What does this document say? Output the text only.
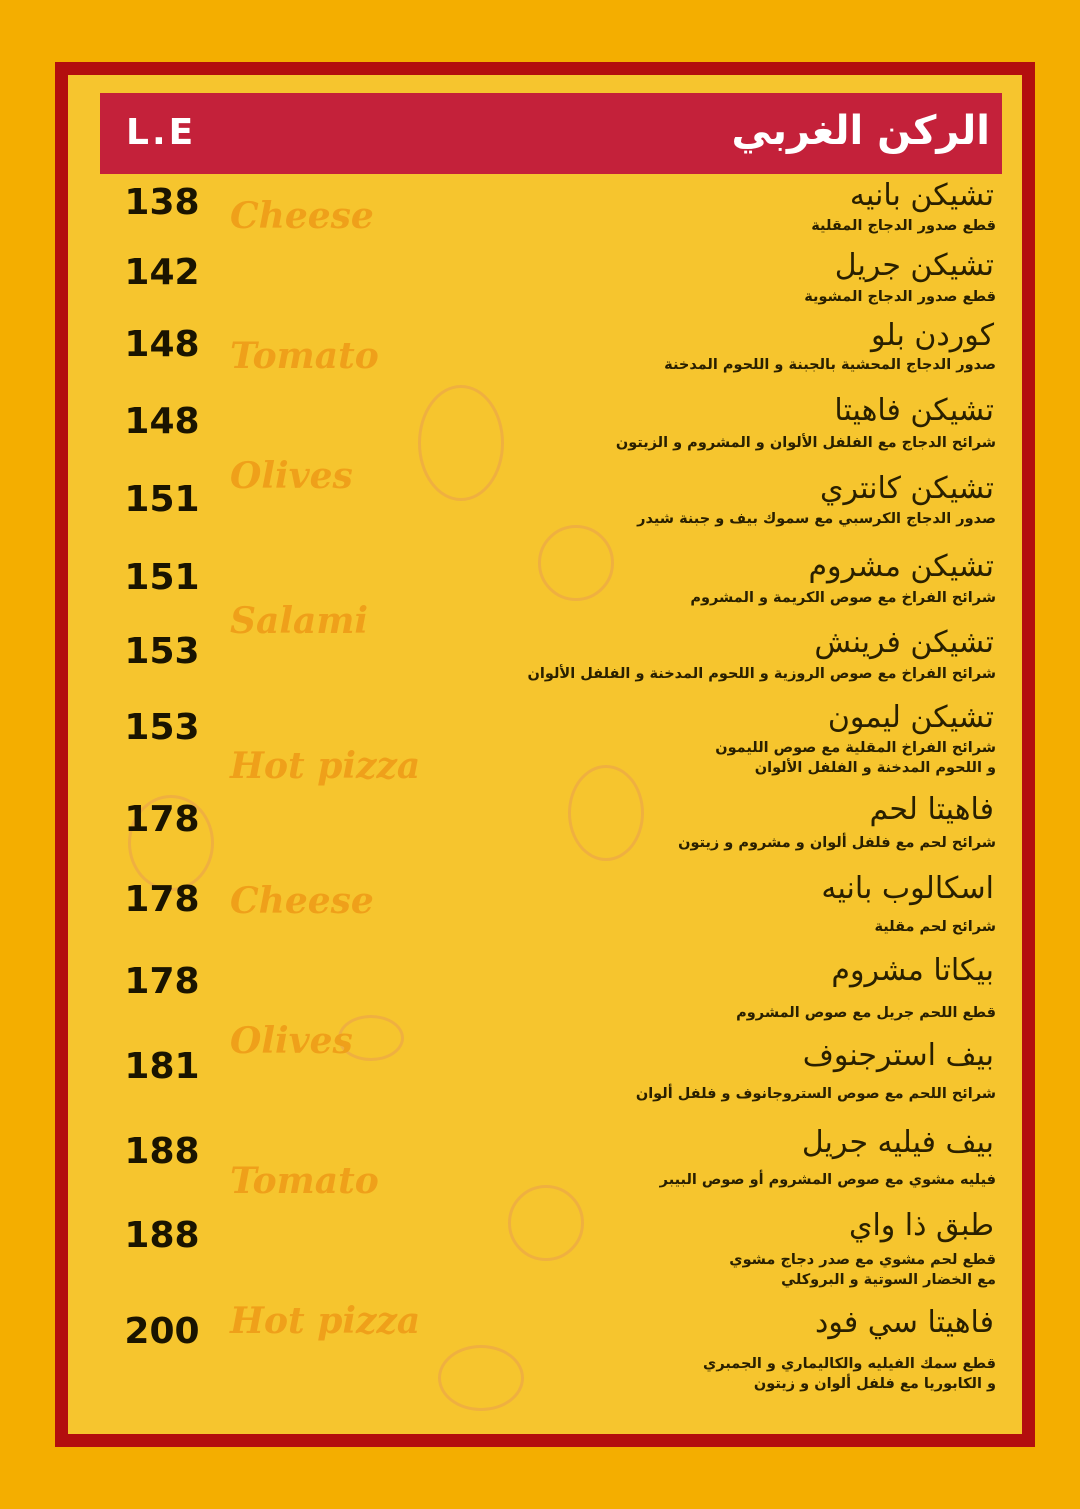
Cheese
Tomato
Olives
Salami
Hot pizza
Cheese
Olives
Tomato
Hot pizza
الركن الغربي
L.E
تشيكن بانيه
قطع صدور الدجاج المقلية
138
تشيكن جريل
قطع صدور الدجاج المشوية
142
كوردن بلو
صدور الدجاج المحشية بالجبنة و اللحوم المدخنة
148
تشيكن فاهيتا
شرائح الدجاج مع الفلفل الألوان و المشروم و الزيتون
148
تشيكن كانتري
صدور الدجاج الكرسبي مع سموك بيف و جبنة شيدر
151
تشيكن مشروم
شرائح الفراخ مع صوص الكريمة و المشروم
151
تشيكن فرينش
شرائح الفراخ مع صوص الروزية و اللحوم المدخنة و الفلفل الألوان
153
تشيكن ليمون
شرائح الفراخ المقلية مع صوص الليمون
و اللحوم المدخنة و الفلفل الألوان
153
فاهيتا لحم
شرائح لحم مع فلفل ألوان و مشروم و زيتون
178
اسكالوب بانيه
شرائح لحم مقلية
178
بيكاتا مشروم
قطع اللحم جريل مع صوص المشروم
178
بيف استرجنوف
شرائح اللحم مع صوص الستروجانوف و فلفل ألوان
181
بيف فيليه جريل
فيليه مشوي مع صوص المشروم أو صوص البيبر
188
طبق ذا واي
قطع لحم مشوي مع صدر دجاج مشوي
مع الخضار السوتية و البروكلي
188
فاهيتا سي فود
قطع سمك الفيليه والكاليماري و الجمبري
و الكابوريا مع فلفل ألوان و زيتون
200
